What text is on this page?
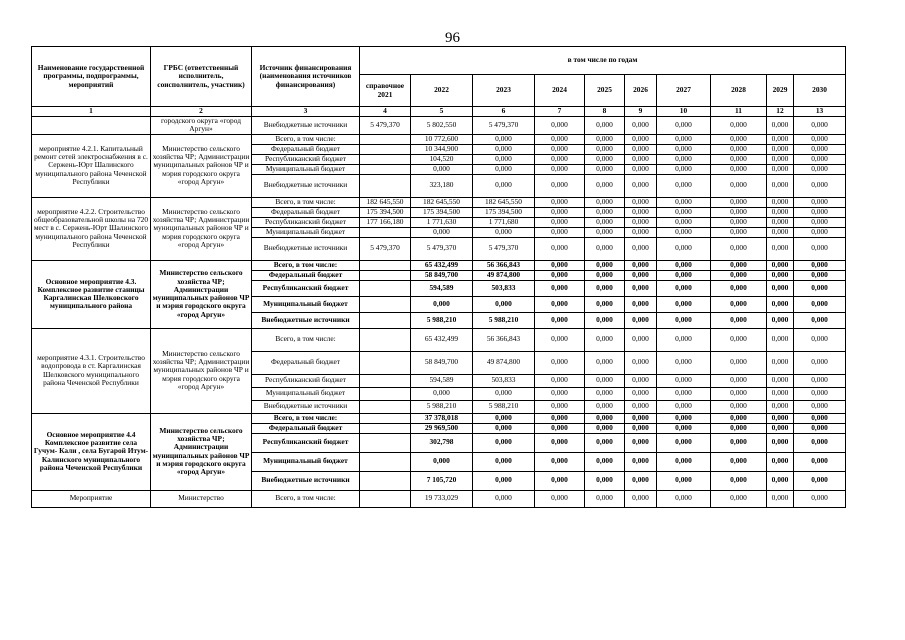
96
Наименование государственной программы, подпрограммы, мероприятий	ГРБС (ответственный исполнитель, соисполнитель, участник)	Источник финансирования (наименования источников финансирования)	в том числе по годам									
			справочное 2021	2022	2023	2024	2025	2026	2027	2028	2029	2030
1	2	3	4	5	6	7	8	9	10	11	12	13
	городского округа «город Аргун»	Внебюджетные источники	5 479,370	5 802,550	5 479,370	0,000	0,000	0,000	0,000	0,000	0,000	0,000
мероприятие 4.2.1. Капитальный ремонт сетей электроснабжения в с. Сержень-Юрт Шалинского муниципального района Чеченской Республики	Министерство сельского хозяйства ЧР; Администрации муниципальных районов ЧР и мэрия городского округа «город Аргун»	Всего, в том числе:		10 772,600	0,000	0,000	0,000	0,000	0,000	0,000	0,000	0,000
		Федеральный бюджет		10 344,900	0,000	0,000	0,000	0,000	0,000	0,000	0,000	0,000
		Республиканский бюджет		104,520	0,000	0,000	0,000	0,000	0,000	0,000	0,000	0,000
		Муниципальный бюджет		0,000	0,000	0,000	0,000	0,000	0,000	0,000	0,000	0,000
		Внебюджетные источники		323,180	0,000	0,000	0,000	0,000	0,000	0,000	0,000	0,000
мероприятие 4.2.2. Строительство общеобразовательной школы на 720 мест в с. Сержень-Юрт Шалинского муниципального района Чеченской Республики	Министерство сельского хозяйства ЧР; Администрации муниципальных районов ЧР и мэрия городского округа «город Аргун»	Всего, в том числе:	182 645,550	182 645,550	182 645,550	0,000	0,000	0,000	0,000	0,000	0,000	0,000
		Федеральный бюджет	175 394,500	175 394,500	175 394,500	0,000	0,000	0,000	0,000	0,000	0,000	0,000
		Республиканский бюджет	177 166,180	1 771,630	1 771,680	0,000	0,000	0,000	0,000	0,000	0,000	0,000
		Муниципальный бюджет		0,000	0,000	0,000	0,000	0,000	0,000	0,000	0,000	0,000
		Внебюджетные источники	5 479,370	5 479,370	5 479,370	0,000	0,000	0,000	0,000	0,000	0,000	0,000
Основное мероприятие 4.3. Комплексное развитие станицы Каргалинская Шелковского муниципального района	Министерство сельского хозяйства ЧР; Администрации муниципальных районов ЧР и мэрия городского округа «город Аргун»	Всего, в том числе:		65 432,499	56 366,843	0,000	0,000	0,000	0,000	0,000	0,000	0,000
		Федеральный бюджет		58 849,700	49 874,800	0,000	0,000	0,000	0,000	0,000	0,000	0,000
		Республиканский бюджет		594,589	503,833	0,000	0,000	0,000	0,000	0,000	0,000	0,000
		Муниципальный бюджет		0,000	0,000	0,000	0,000	0,000	0,000	0,000	0,000	0,000
		Внебюджетные источники		5 988,210	5 988,210	0,000	0,000	0,000	0,000	0,000	0,000	0,000
мероприятие 4.3.1. Строительство водопровода в ст. Каргалинская Шелковского муниципального района Чеченской Республики	Министерство сельского хозяйства ЧР; Администрации муниципальных районов ЧР и мэрия городского округа «город Аргун»	Всего, в том числе:		65 432,499	56 366,843	0,000	0,000	0,000	0,000	0,000	0,000	0,000
		Федеральный бюджет		58 849,700	49 874,800	0,000	0,000	0,000	0,000	0,000	0,000	0,000
		Республиканский бюджет		594,589	503,833	0,000	0,000	0,000	0,000	0,000	0,000	0,000
		Муниципальный бюджет		0,000	0,000	0,000	0,000	0,000	0,000	0,000	0,000	0,000
		Внебюджетные источники		5 988,210	5 988,210	0,000	0,000	0,000	0,000	0,000	0,000	0,000
Основное мероприятие 4.4 Комплексное развитие села Гучум- Кали , села Бугарой Итум- Калинского муниципального района Чеченской Республики	Министерство сельского хозяйства ЧР; Администрации муниципальных районов ЧР и мэрия городского округа «город Аргун»	Всего, в том числе:		37 378,018	0,000	0,000	0,000	0,000	0,000	0,000	0,000	0,000
		Федеральный бюджет		29 969,500	0,000	0,000	0,000	0,000	0,000	0,000	0,000	0,000
		Республиканский бюджет		302,798	0,000	0,000	0,000	0,000	0,000	0,000	0,000	0,000
		Муниципальный бюджет		0,000	0,000	0,000	0,000	0,000	0,000	0,000	0,000	0,000
		Внебюджетные источники		7 105,720	0,000	0,000	0,000	0,000	0,000	0,000	0,000	0,000
Мероприятие	Министерство	Всего, в том числе:		19 733,029	0,000	0,000	0,000	0,000	0,000	0,000	0,000	0,000
